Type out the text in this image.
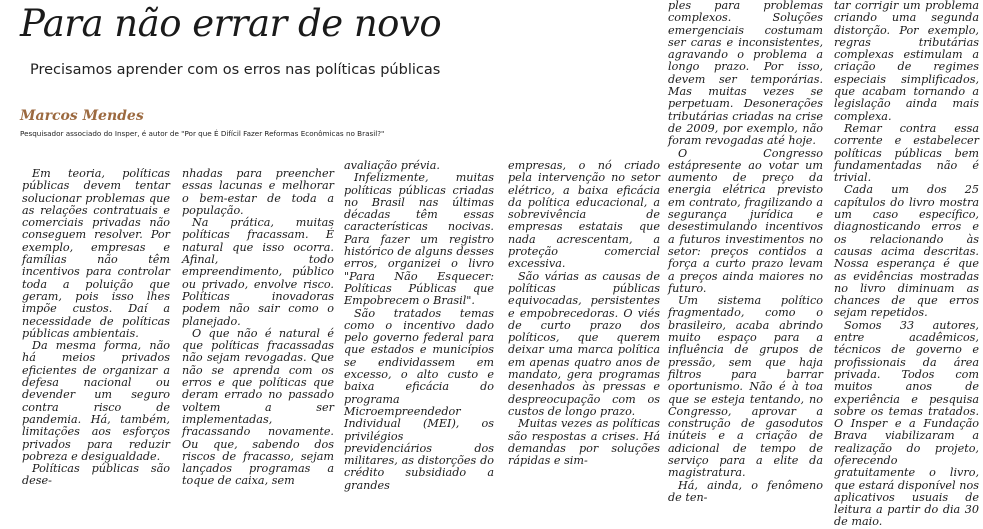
Para não errar de novo
Precisamos aprender com os erros nas políticas públicas
Marcos Mendes
Pesquisador associado do Insper, é autor de "Por que É Difícil Fazer Reformas Econômicas no Brasil?"

Em teoria, políticas públicas devem tentar solucionar problemas que as relações contratuais e comerciais privadas não conseguem resolver. Por exemplo, empresas e famílias não têm incentivos para controlar toda a poluição que geram, pois isso lhes impõe custos. Daí a necessidade de políticas públicas ambientais.

Da mesma forma, não há meios privados eficientes de organizar a defesa nacional ou devender um seguro contra risco de pandemia. Há, também, limitações aos esforços privados para reduzir pobreza e desigualdade.

Políticas públicas são dese-

nhadas para preencher essas lacunas e melhorar o bem-estar de toda a população.

Na prática, muitas políticas fracassam. É natural que isso ocorra. Afinal, todo empreendimento, público ou privado, envolve risco. Políticas inovadoras podem não sair como o planejado.

O que não é natural é que políticas fracassadas não sejam revogadas. Que não se aprenda com os erros e que políticas que deram errado no passado voltem a ser implementadas, fracassando novamente. Ou que, sabendo dos riscos de fracasso, sejam lançados programas a toque de caixa, sem

avaliação prévia.

Infelizmente, muitas políticas públicas criadas no Brasil nas últimas décadas têm essas características nocivas. Para fazer um registro histórico de alguns desses erros, organizei o livro "Para Não Esquecer: Políticas Públicas que Empobrecem o Brasil".

São tratados temas como o incentivo dado pelo governo federal para que estados e municípios se endividassem em excesso, o alto custo e baixa eficácia do programa Microempreendedor Individual (MEI), os privilégios previdenciários dos militares, as distorções do crédito subsidiado a grandes

empresas, o nó criado pela intervenção no setor elétrico, a baixa eficácia da política educacional, a sobrevivência de empresas estatais que nada acrescentam, a proteção comercial excessiva.

São várias as causas de políticas públicas equivocadas, persistentes e empobrecedoras. O viés de curto prazo dos políticos, que querem deixar uma marca política em apenas quatro anos de mandato, gera programas desenhados às pressas e despreocupação com os custos de longo prazo.

Muitas vezes as políticas são respostas a crises. Há demandas por soluções rápidas e sim-

ples para problemas complexos. Soluções emergenciais costumam ser caras e inconsistentes, agravando o problema a longo prazo. Por isso, devem ser temporárias. Mas muitas vezes se perpetuam. Desonerações tributárias criadas na crise de 2009, por exemplo, não foram revogadas até hoje.

O Congresso estápresente ao votar um aumento de preço da energia elétrica previsto em contrato, fragilizando a segurança jurídica e desestimulando incentivos a futuros investimentos no setor: preços contidos a força a curto prazo levam a preços ainda maiores no futuro.

Um sistema político fragmentado, como o brasileiro, acaba abrindo muito espaço para a influência de grupos de pressão, sem que haja filtros para barrar oportunismo. Não é à toa que se esteja tentando, no Congresso, aprovar a construção de gasodutos inúteis e a criação de adicional de tempo de serviço para a elite da magistratura.

Há, ainda, o fenômeno de ten-

tar corrigir um problema criando uma segunda distorção. Por exemplo, regras tributárias complexas estimulam a criação de regimes especiais simplificados, que acabam tornando a legislação ainda mais complexa.

Remar contra essa corrente e estabelecer políticas públicas bem fundamentadas não é trivial.

Cada um dos 25 capítulos do livro mostra um caso específico, diagnosticando erros e os relacionando às causas acima descritas. Nossa esperança é que as evidências mostradas no livro diminuam as chances de que erros sejam repetidos.

Somos 33 autores, entre acadêmicos, técnicos de governo e profissionais da área privada. Todos com muitos anos de experiência e pesquisa sobre os temas tratados. O Insper e a Fundação Brava viabilizaram a realização do projeto, oferecendo gratuitamente o livro, que estará disponível nos aplicativos usuais de leitura a partir do dia 30 de maio.
